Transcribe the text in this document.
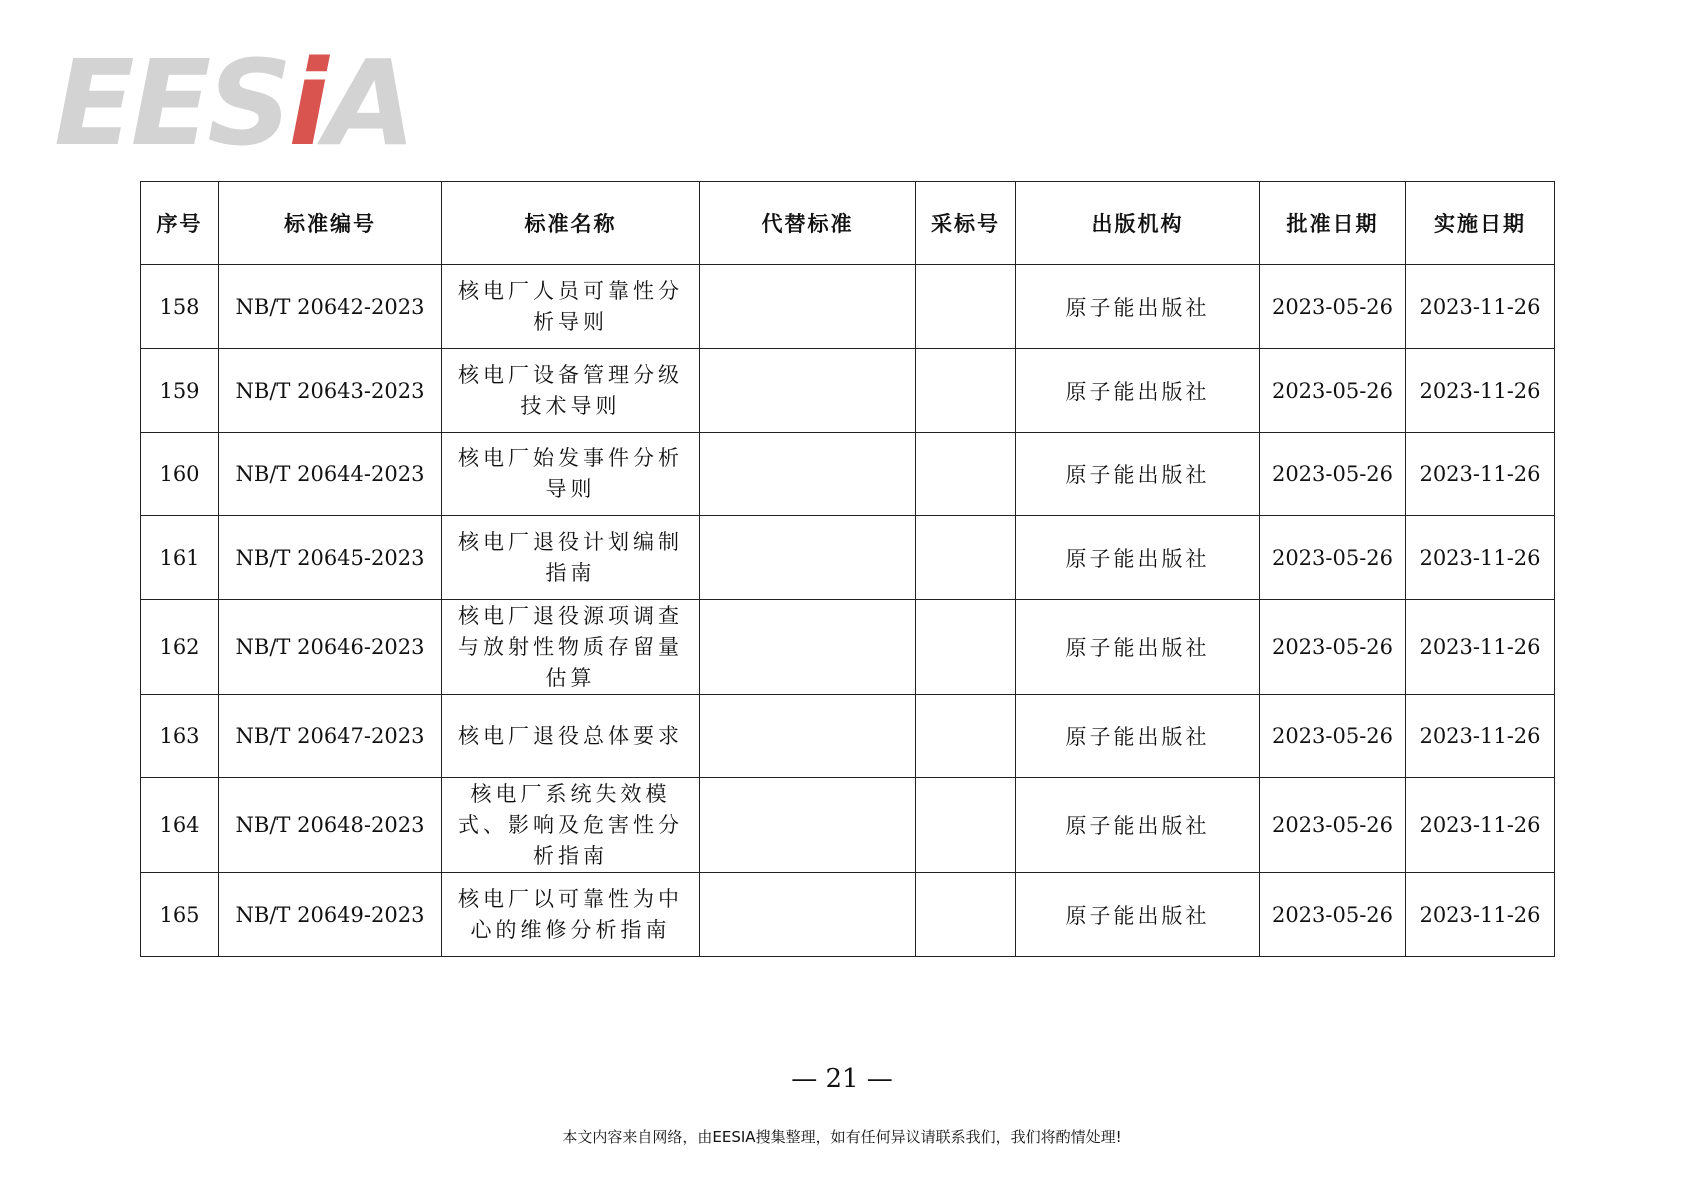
EESiA
序号	标准编号	标准名称	代替标准	采标号	出版机构	批准日期	实施日期
158	NB/T 20642-2023	核电厂人员可靠性分析导则			原子能出版社	2023-05-26	2023-11-26
159	NB/T 20643-2023	核电厂设备管理分级技术导则			原子能出版社	2023-05-26	2023-11-26
160	NB/T 20644-2023	核电厂始发事件分析导则			原子能出版社	2023-05-26	2023-11-26
161	NB/T 20645-2023	核电厂退役计划编制指南			原子能出版社	2023-05-26	2023-11-26
162	NB/T 20646-2023	核电厂退役源项调查与放射性物质存留量估算			原子能出版社	2023-05-26	2023-11-26
163	NB/T 20647-2023	核电厂退役总体要求			原子能出版社	2023-05-26	2023-11-26
164	NB/T 20648-2023	核电厂系统失效模式、影响及危害性分析指南			原子能出版社	2023-05-26	2023-11-26
165	NB/T 20649-2023	核电厂以可靠性为中心的维修分析指南			原子能出版社	2023-05-26	2023-11-26
— 21 —
本文内容来自网络，由EESIA搜集整理，如有任何异议请联系我们，我们将酌情处理!
